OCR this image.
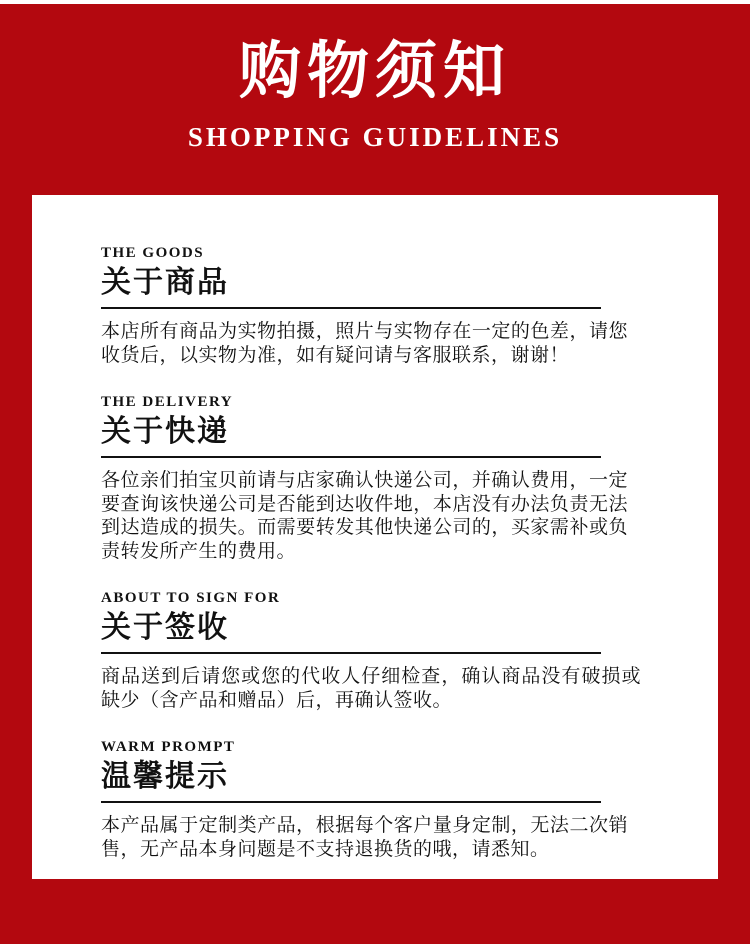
购物须知
SHOPPING GUIDELINES
THE GOODS
关于商品

本店所有商品为实物拍摄，照片与实物存在一定的色差，请您收货后，以实物为准，如有疑问请与客服联系，谢谢！

THE DELIVERY
关于快递

各位亲们拍宝贝前请与店家确认快递公司，并确认费用，一定要查询该快递公司是否能到达收件地，本店没有办法负责无法到达造成的损失。而需要转发其他快递公司的，买家需补或负责转发所产生的费用。

ABOUT TO SIGN FOR
关于签收

商品送到后请您或您的代收人仔细检查，确认商品没有破损或缺少（含产品和赠品）后，再确认签收。

WARM PROMPT
温馨提示

本产品属于定制类产品，根据每个客户量身定制，无法二次销售，无产品本身问题是不支持退换货的哦，请悉知。
